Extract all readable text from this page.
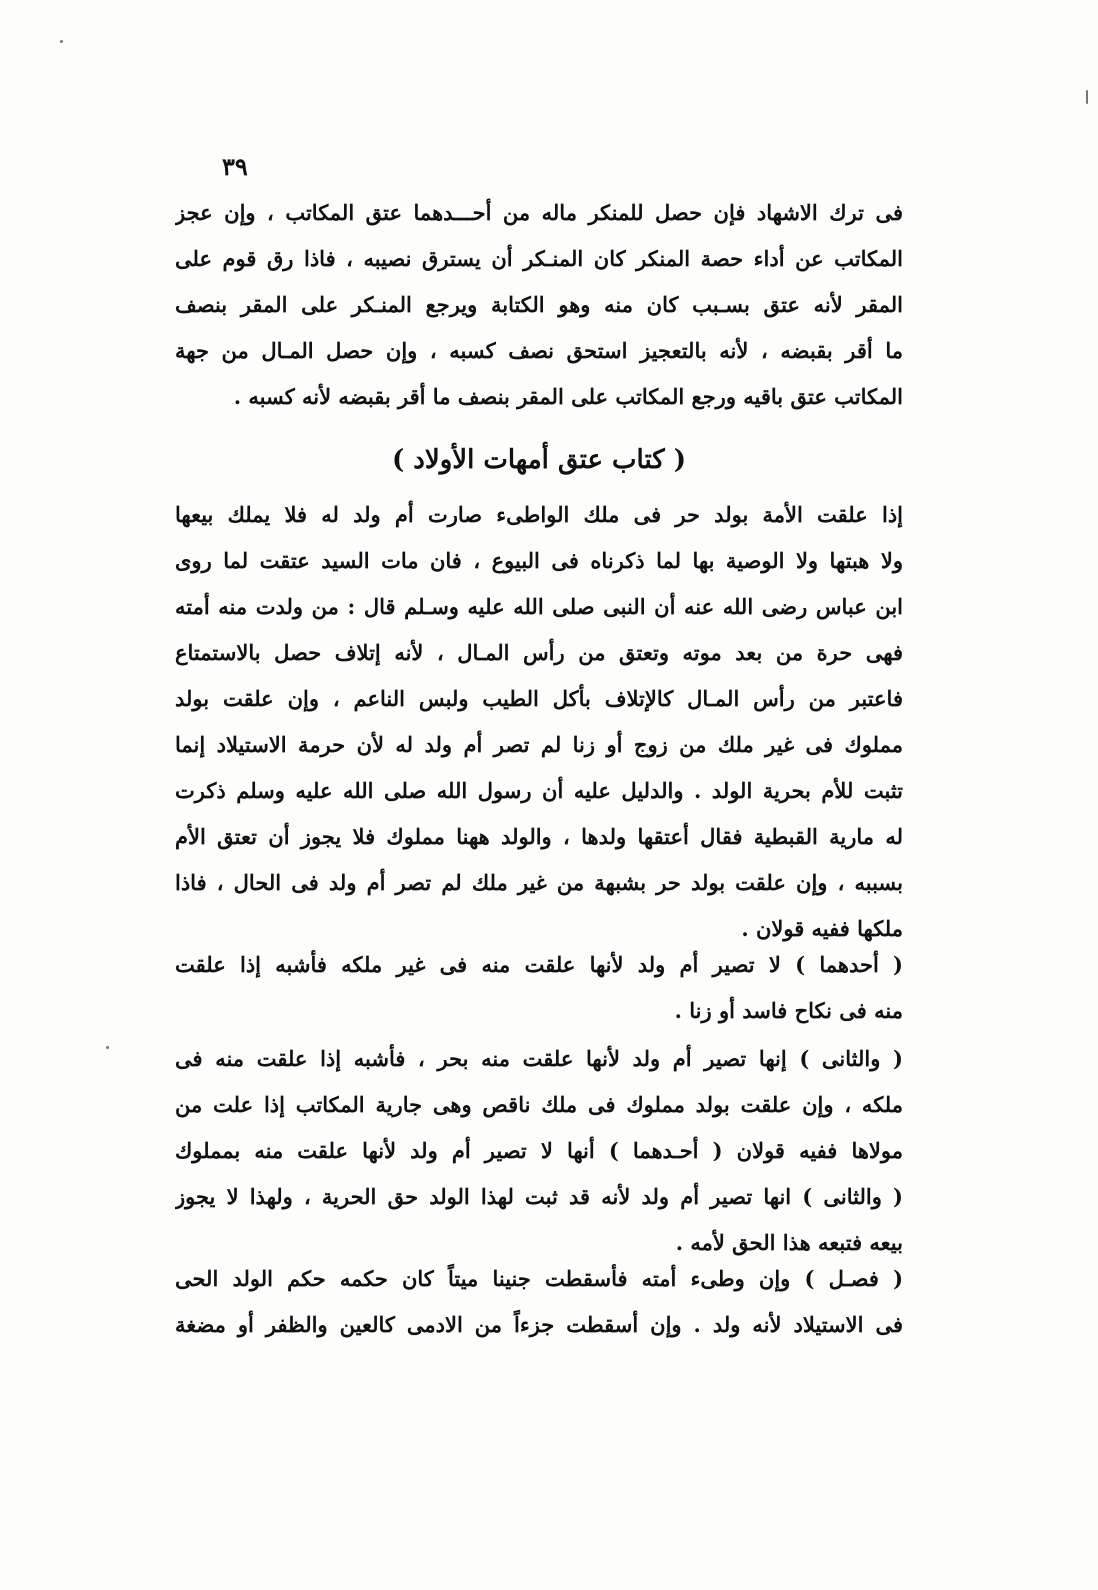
٣٩
فى ترك الاشهاد فإن حصل للمنكر ماله من أحـــدهما عتق المكاتب ، وإن عجز
المكاتب عن أداء حصة المنكر كان المنـكر أن يسترق نصيبه ، فاذا رق قوم على
المقر لأنه عتق بسـبب كان منه وهو الكتابة ويرجع المنـكر على المقر بنصف
ما أقر بقبضه ، لأنه بالتعجيز استحق نصف كسبه ، وإن حصل المـال من جهة
المكاتب عتق باقيه ورجع المكاتب على المقر بنصف ما أقر بقبضه لأنه كسبه .
( كتاب عتق أمهات الأولاد )
إذا علقت الأمة بولد حر فى ملك الواطىء صارت أم ولد له فلا يملك بيعها
ولا هبتها ولا الوصية بها لما ذكرناه فى البيوع ، فان مات السيد عتقت لما روى
ابن عباس رضى الله عنه أن النبى صلى الله عليه وسـلم قال : من ولدت منه أمته
فهى حرة من بعد موته وتعتق من رأس المـال ، لأنه إتلاف حصل بالاستمتاع
فاعتبر من رأس المـال كالإتلاف بأكل الطيب ولبس الناعم ، وإن علقت بولد
مملوك فى غير ملك من زوج أو زنا لم تصر أم ولد له لأن حرمة الاستيلاد إنما
تثبت للأم بحرية الولد . والدليل عليه أن رسول الله صلى الله عليه وسلم ذكرت
له مارية القبطية فقال أعتقها ولدها ، والولد ههنا مملوك فلا يجوز أن تعتق الأم
بسببه ، وإن علقت بولد حر بشبهة من غير ملك لم تصر أم ولد فى الحال ، فاذا
ملكها ففيه قولان .
( أحدهما ) لا تصير أم ولد لأنها علقت منه فى غير ملكه فأشبه إذا علقت
منه فى نكاح فاسد أو زنا .
( والثانى ) إنها تصير أم ولد لأنها علقت منه بحر ، فأشبه إذا علقت منه فى
ملكه ، وإن علقت بولد مملوك فى ملك ناقص وهى جارية المكاتب إذا علت من
مولاها ففيه قولان ( أحـدهما ) أنها لا تصير أم ولد لأنها علقت منه بمملوك
( والثانى ) انها تصير أم ولد لأنه قد ثبت لهذا الولد حق الحرية ، ولهذا لا يجوز
بيعه فتبعه هذا الحق لأمه .
( فصـل ) وإن وطىء أمته فأسقطت جنينا ميتاً كان حكمه حكم الولد الحى
فى الاستيلاد لأنه ولد . وإن أسقطت جزءاً من الادمى كالعين والظفر أو مضغة
